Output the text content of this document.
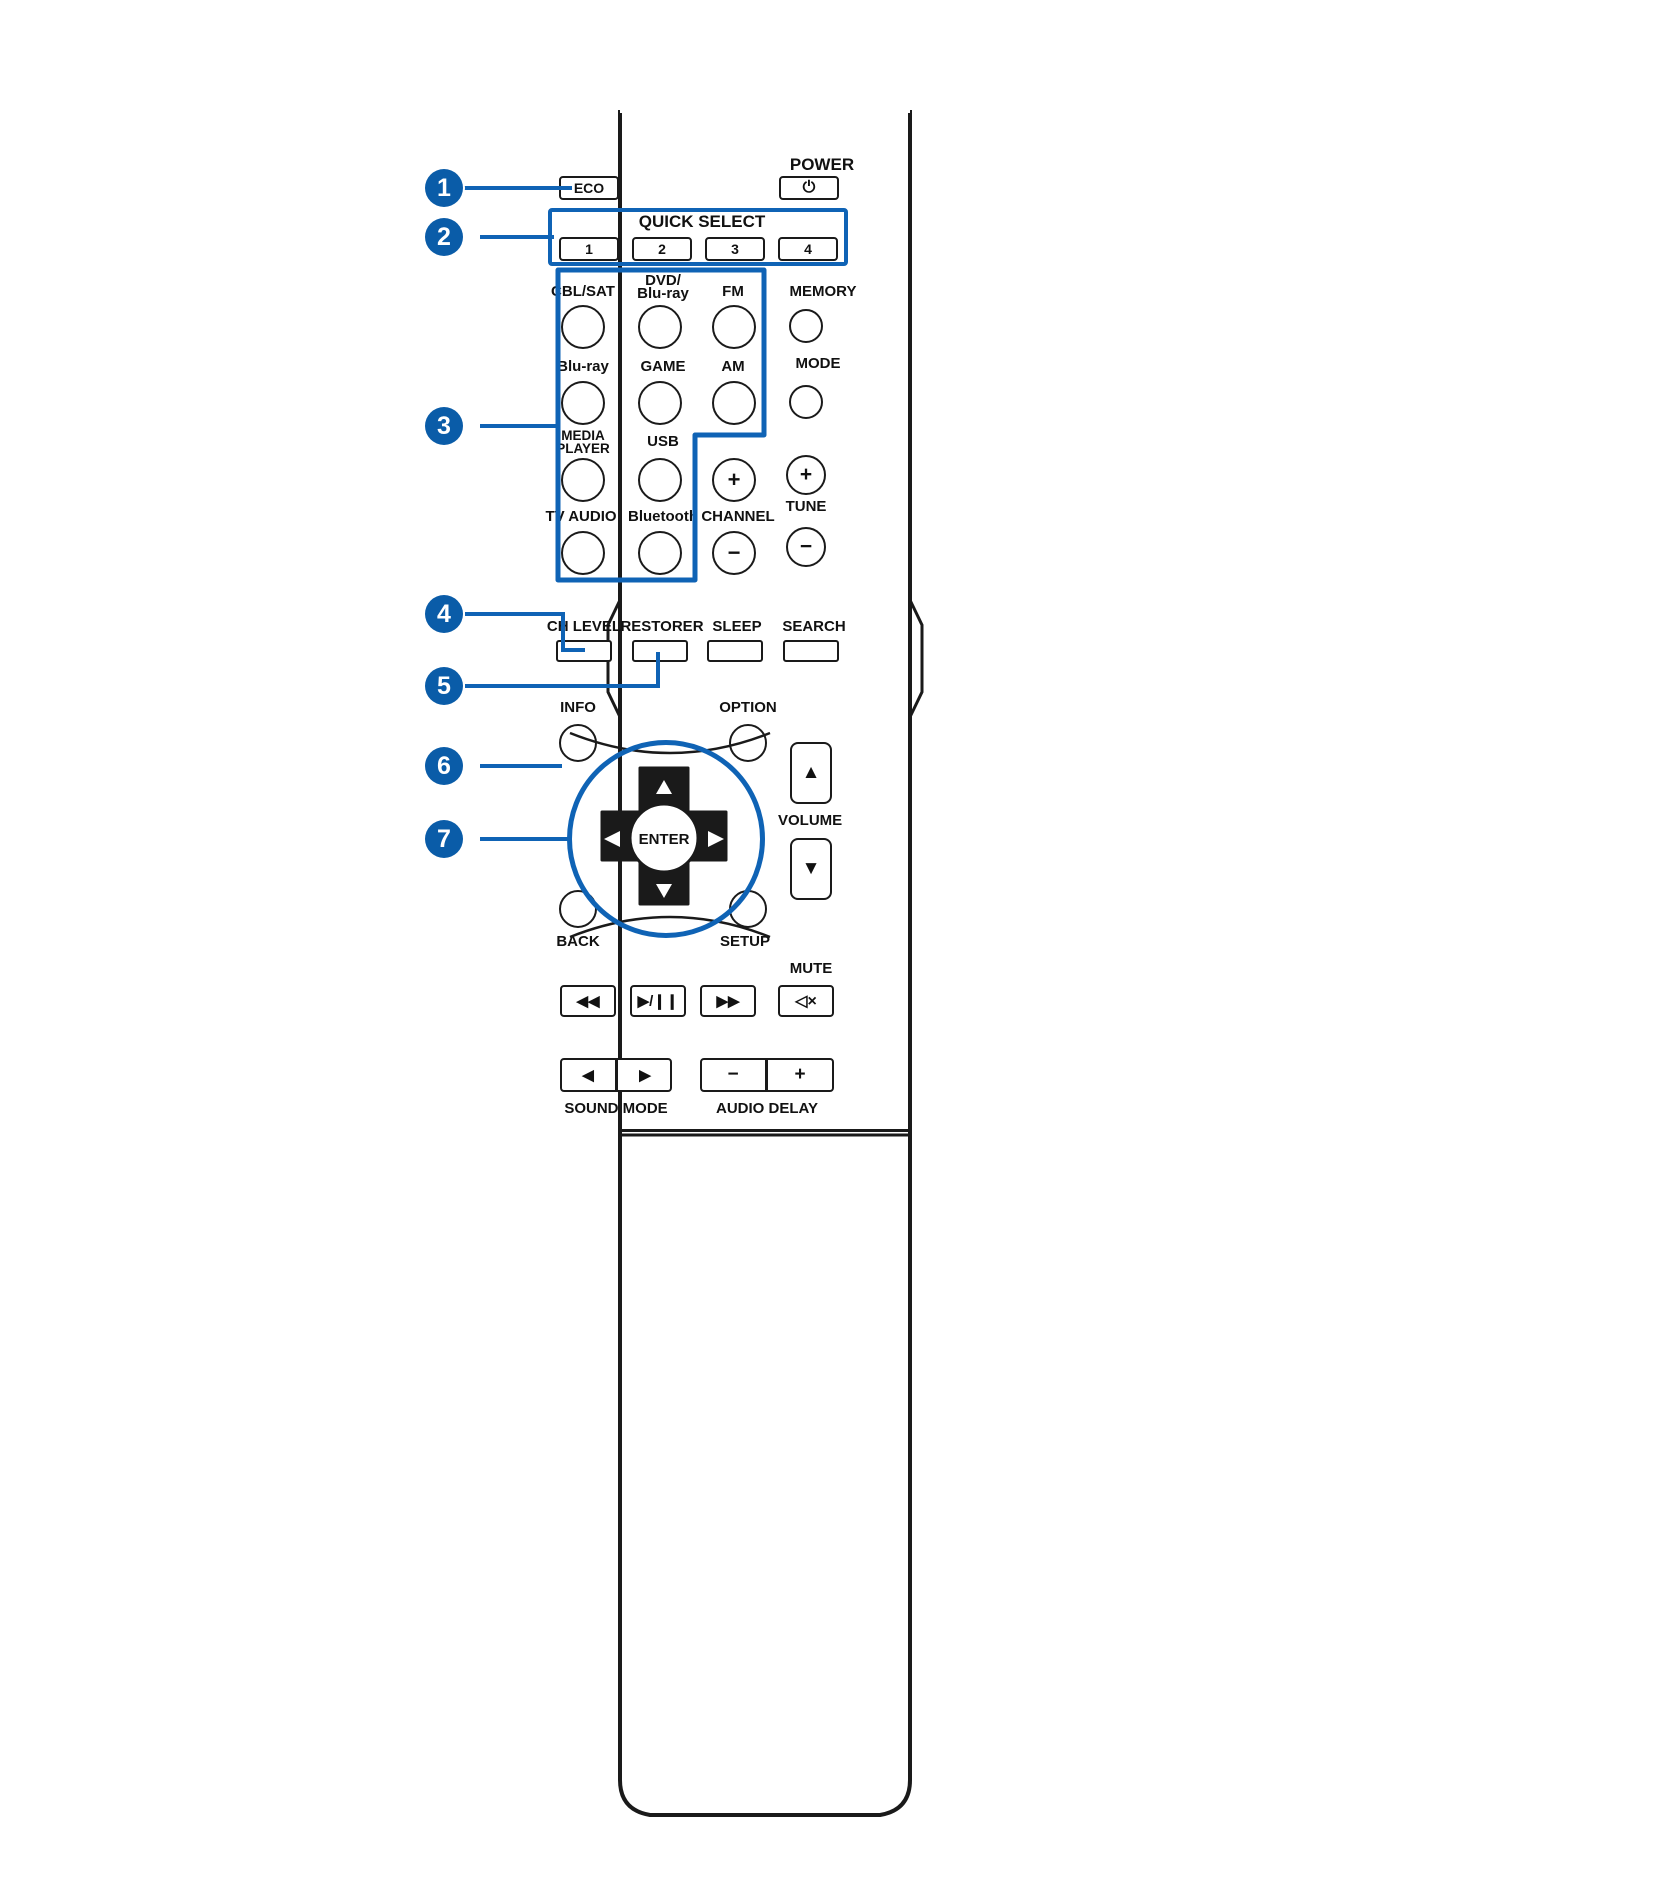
POWER
ECO	⏻
1
QUICK SELECT
1	2	3	4
2
CBL/SAT
DVD/
Blu-ray	FM	MEMORY
Blu-ray	GAME	AM	MODE
MEDIA
PLAYER	USB
+
CHANNEL
−
+
TUNE
−
TV AUDIO Bluetooth
3
CH LEVEL RESTORER SLEEP	SEARCH
4
5
INFO	OPTION
BACK	SETUP
ENTER
6
7
▲
VOLUME
▼
MUTE
◀◀	▶/❙❙	▶▶	◁×
◀	▶	−	+
SOUND MODE	AUDIO DELAY
